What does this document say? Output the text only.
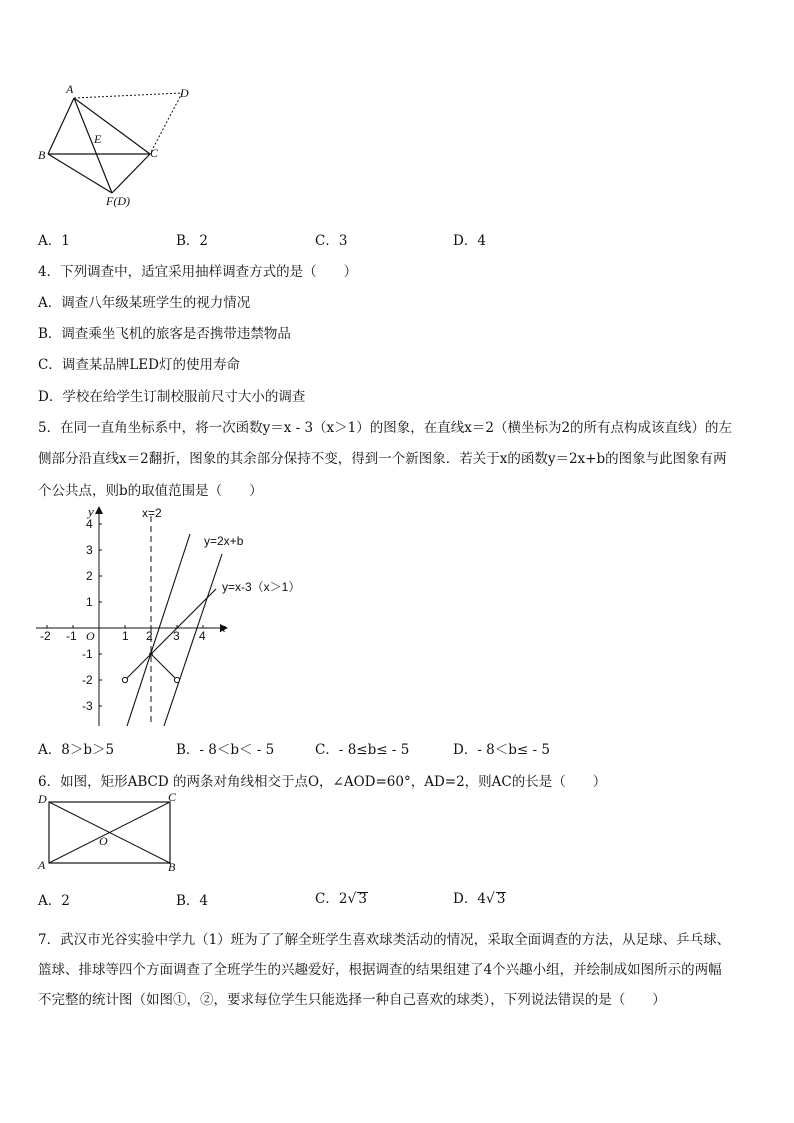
A	D
B	C
E
F(D)
A．1	B．2	C．3	D．4
4．下列调查中，适宜采用抽样调查方式的是（　　）
A．调查八年级某班学生的视力情况
B．调查乘坐飞机的旅客是否携带违禁物品
C．调查某品牌LED灯的使用寿命
D．学校在给学生订制校服前尺寸大小的调查
5．在同一直角坐标系中，将一次函数y＝x - 3（x＞1）的图象，在直线x＝2（横坐标为2的所有点构成该直线）的左
侧部分沿直线x＝2翻折，图象的其余部分保持不变，得到一个新图象．若关于x的函数y＝2x+b的图象与此图象有两
个公共点，则b的取值范围是（　　）
y
x
O
x=2
y=2x+b
y=x-3（x＞1）
-2 -1	1 2 3 4
4
3
2
1
-1
-2
-3
A．8＞b＞5	B．- 8＜b＜ - 5	C．- 8≤b≤ - 5	D．- 8＜b≤ - 5
6．如图，矩形ABCD 的两条对角线相交于点O，∠AOD=60°，AD=2，则AC的长是（　　）
D	C
A	B
O
A．2	B．4	C．2√ 3	D．4√ 3
7．武汉市光谷实验中学九（1）班为了了解全班学生喜欢球类活动的情况，采取全面调查的方法，从足球、乒乓球、
篮球、排球等四个方面调查了全班学生的兴趣爱好，根据调查的结果组建了4个兴趣小组，并绘制成如图所示的两幅
不完整的统计图（如图①，②，要求每位学生只能选择一种自己喜欢的球类），下列说法错误的是（　　）
